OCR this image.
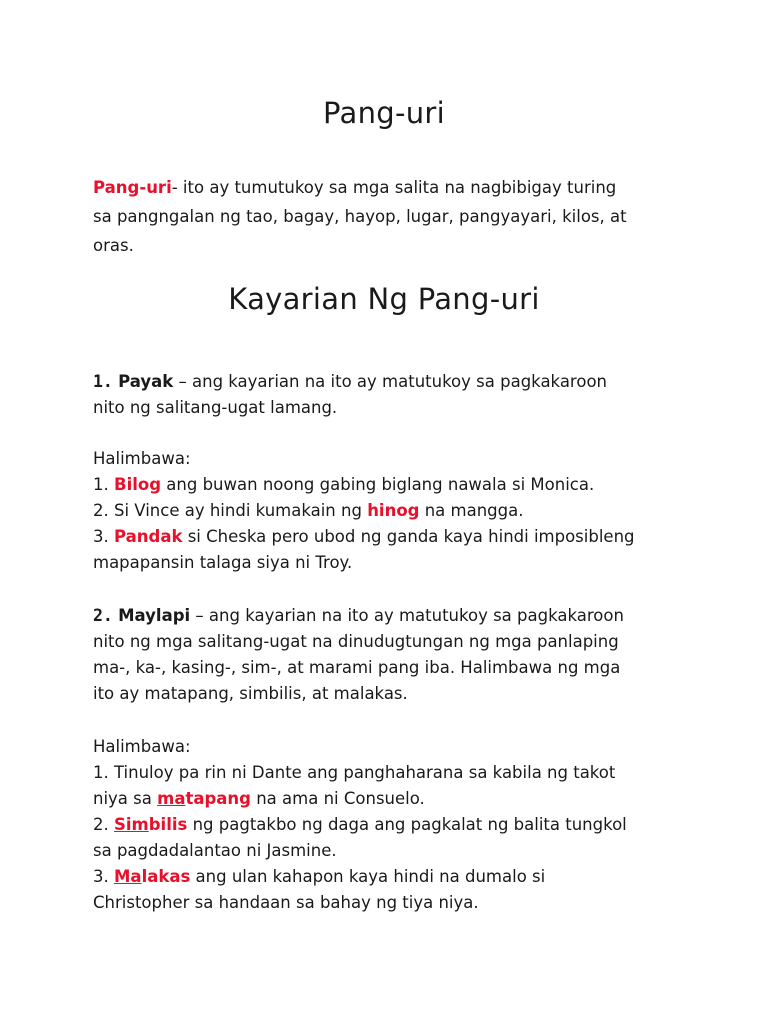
Pang-uri

Pang-uri- ito ay tumutukoy sa mga salita na nagbibigay turing
sa pangngalan ng tao, bagay, hayop, lugar, pangyayari, kilos, at
oras.

Kayarian Ng Pang-uri

1. Payak – ang kayarian na ito ay matutukoy sa pagkakaroon
nito ng salitang-ugat lamang.

Halimbawa:
1. Bilog ang buwan noong gabing biglang nawala si Monica.
2. Si Vince ay hindi kumakain ng hinog na mangga.
3. Pandak si Cheska pero ubod ng ganda kaya hindi imposibleng
mapapansin talaga siya ni Troy.

2. Maylapi – ang kayarian na ito ay matutukoy sa pagkakaroon
nito ng mga salitang-ugat na dinudugtungan ng mga panlaping
ma-, ka-, kasing-, sim-, at marami pang iba. Halimbawa ng mga
ito ay matapang, simbilis, at malakas.

Halimbawa:
1. Tinuloy pa rin ni Dante ang panghaharana sa kabila ng takot
niya sa matapang na ama ni Consuelo.
2. Simbilis ng pagtakbo ng daga ang pagkalat ng balita tungkol
sa pagdadalantao ni Jasmine.
3. Malakas ang ulan kahapon kaya hindi na dumalo si
Christopher sa handaan sa bahay ng tiya niya.
